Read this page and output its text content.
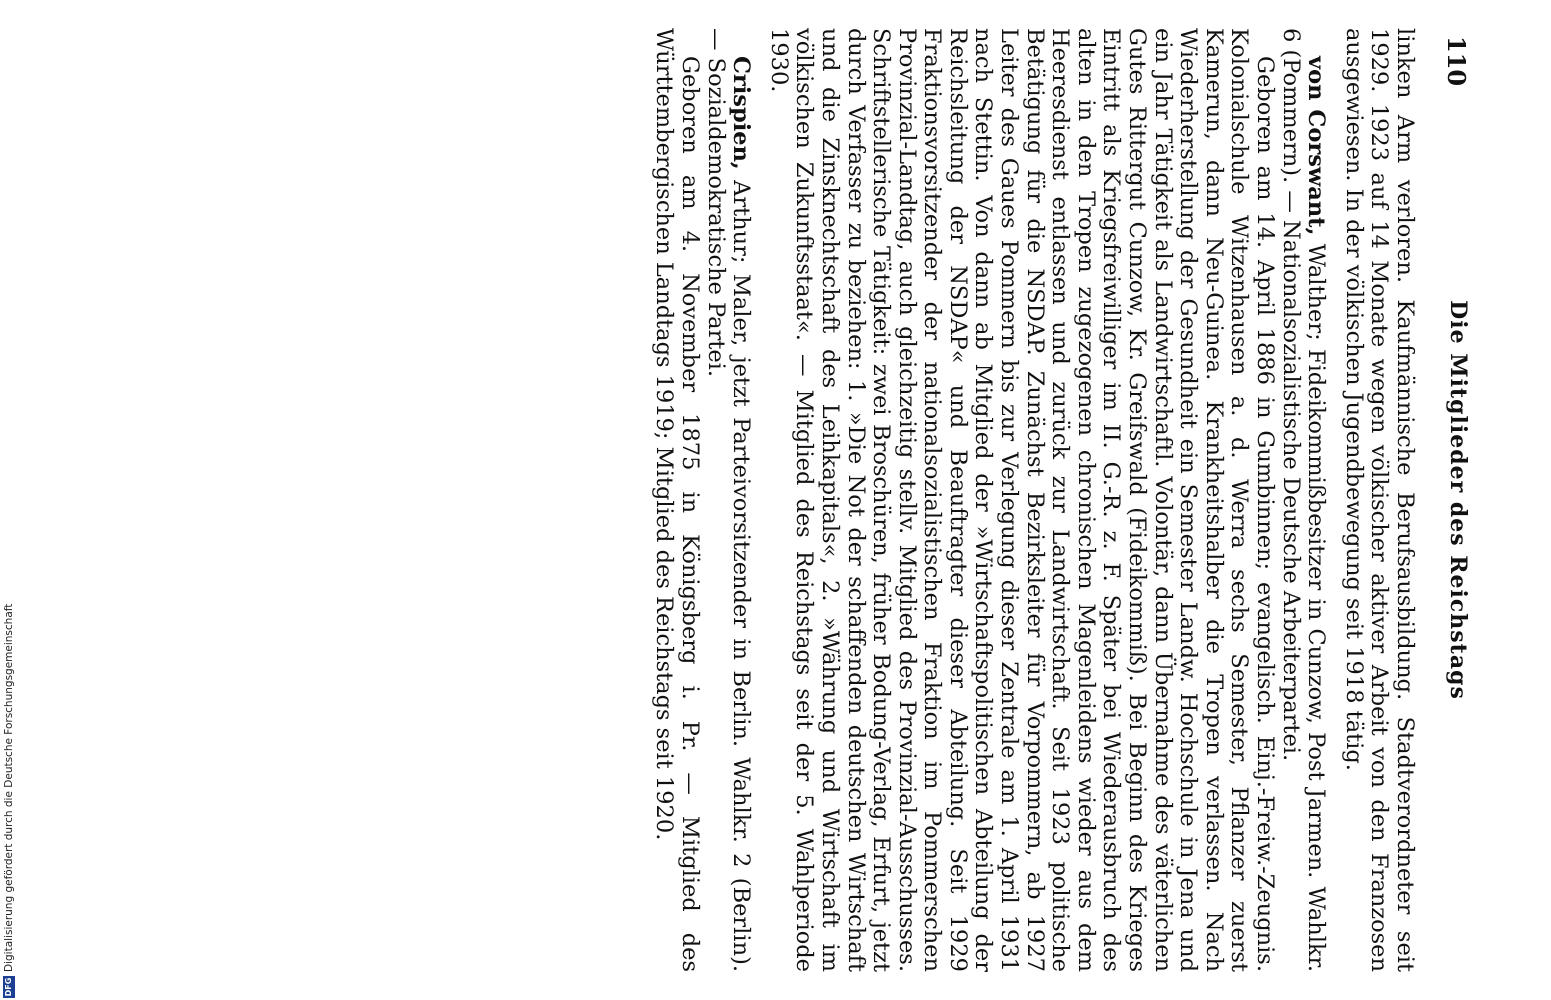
110
Die Mitglieder des Reichstags

linken Arm verloren. Kaufmännische Berufsausbildung. Stadtverordneter seit 1929. 1923 auf 14 Monate wegen völkischer aktiver Arbeit von den Franzosen ausgewiesen. In der völkischen Jugendbewegung seit 1918 tätig.

von Corswant, Walther; Fideikommißbesitzer in Cunzow, Post Jarmen. Wahlkr. 6 (Pommern). — Nationalsozialistische Deutsche Arbeiterpartei.

Geboren am 14. April 1886 in Gumbinnen; evangelisch. Einj.-Freiw.-Zeugnis. Kolonialschule Witzenhausen a. d. Werra sechs Semester, Pflanzer zuerst Kamerun, dann Neu-Guinea. Krankheitshalber die Tropen verlassen. Nach Wiederherstellung der Gesundheit ein Semester Landw. Hochschule in Jena und ein Jahr Tätigkeit als Landwirtschaftl. Volontär, dann Übernahme des väterlichen Gutes Rittergut Cunzow, Kr. Greifswald (Fideikommiß). Bei Beginn des Krieges Eintritt als Kriegsfreiwilliger im II. G.-R. z. F. Später bei Wiederausbruch des alten in den Tropen zugezogenen chronischen Magenleidens wieder aus dem Heeresdienst entlassen und zurück zur Landwirtschaft. Seit 1923 politische Betätigung für die NSDAP. Zunächst Bezirksleiter für Vorpommern, ab 1927 Leiter des Gaues Pommern bis zur Verlegung dieser Zentrale am 1. April 1931 nach Stettin. Von dann ab Mitglied der »Wirtschaftspolitischen Abteilung der Reichsleitung der NSDAP« und Beauftragter dieser Abteilung. Seit 1929 Fraktionsvorsitzender der nationalsozialistischen Fraktion im Pommerschen Provinzial-Landtag, auch gleichzeitig stellv. Mitglied des Provinzial-Ausschusses. Schriftstellerische Tätigkeit: zwei Broschüren, früher Bodung-Verlag, Erfurt, jetzt durch Verfasser zu beziehen: 1. »Die Not der schaffenden deutschen Wirtschaft und die Zinsknechtschaft des Leihkapitals«, 2. »Währung und Wirtschaft im völkischen Zukunftsstaat«. — Mitglied des Reichstags seit der 5. Wahlperiode 1930.

Crispien, Arthur; Maler, jetzt Parteivorsitzender in Berlin. Wahlkr. 2 (Berlin). — Sozialdemokratische Partei.

Geboren am 4. November 1875 in Königsberg i. Pr. — Mitglied des Württembergischen Landtags 1919; Mitglied des Reichstags seit 1920.

DFG
Digitalisierung gefördert durch die Deutsche Forschungsgemeinschaft
